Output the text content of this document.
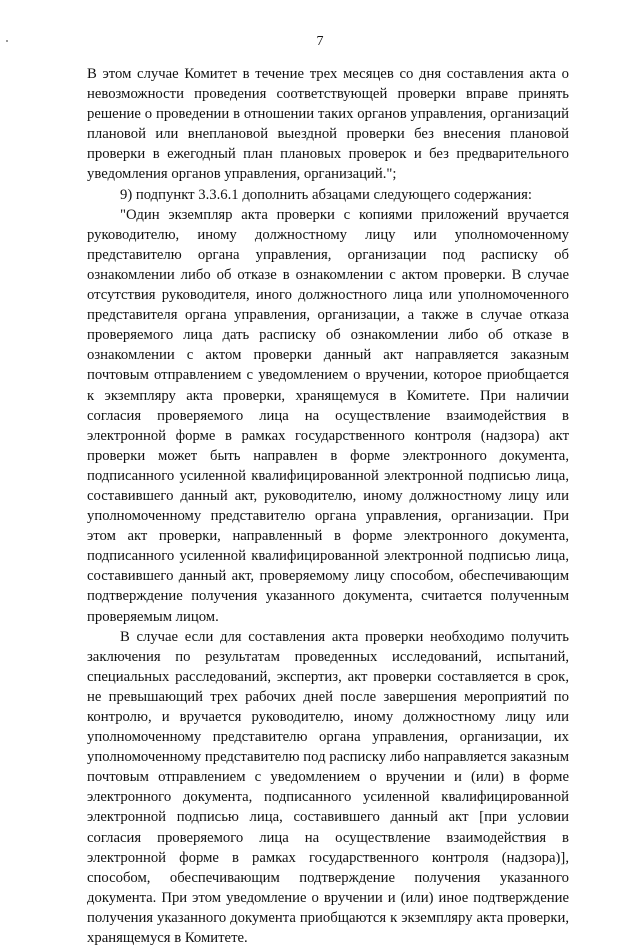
7

В этом случае Комитет в течение трех месяцев со дня составления акта о невозможности проведения соответствующей проверки вправе принять решение о проведении в отношении таких органов управления, организаций плановой или внеплановой выездной проверки без внесения плановой проверки в ежегодный план плановых проверок и без предварительного уведомления органов управления, организаций.";

9) подпункт 3.3.6.1 дополнить абзацами следующего содержания:

"Один экземпляр акта проверки с копиями приложений вручается руководителю, иному должностному лицу или уполномоченному представителю органа управления, организации под расписку об ознакомлении либо об отказе в ознакомлении с актом проверки. В случае отсутствия руководителя, иного должностного лица или уполномоченного представителя органа управления, организации, а также в случае отказа проверяемого лица дать расписку об ознакомлении либо об отказе в ознакомлении с актом проверки данный акт направляется заказным почтовым отправлением с уведомлением о вручении, которое приобщается к экземпляру акта проверки, хранящемуся в Комитете. При наличии согласия проверяемого лица на осуществление взаимодействия в электронной форме в рамках государственного контроля (надзора) акт проверки может быть направлен в форме электронного документа, подписанного усиленной квалифицированной электронной подписью лица, составившего данный акт, руководителю, иному должностному лицу или уполномоченному представителю органа управления, организации. При этом акт проверки, направленный в форме электронного документа, подписанного усиленной квалифицированной электронной подписью лица, составившего данный акт, проверяемому лицу способом, обеспечивающим подтверждение получения указанного документа, считается полученным проверяемым лицом.

В случае если для составления акта проверки необходимо получить заключения по результатам проведенных исследований, испытаний, специальных расследований, экспертиз, акт проверки составляется в срок, не превышающий трех рабочих дней после завершения мероприятий по контролю, и вручается руководителю, иному должностному лицу или уполномоченному представителю органа управления, организации, их уполномоченному представителю под расписку либо направляется заказным почтовым отправлением с уведомлением о вручении и (или) в форме электронного документа, подписанного усиленной квалифицированной электронной подписью лица, составившего данный акт [при условии согласия проверяемого лица на осуществление взаимодействия в электронной форме в рамках государственного контроля (надзора)], способом, обеспечивающим подтверждение получения указанного документа. При этом уведомление о вручении и (или) иное подтверждение получения указанного документа приобщаются к экземпляру акта проверки, хранящемуся в Комитете.
